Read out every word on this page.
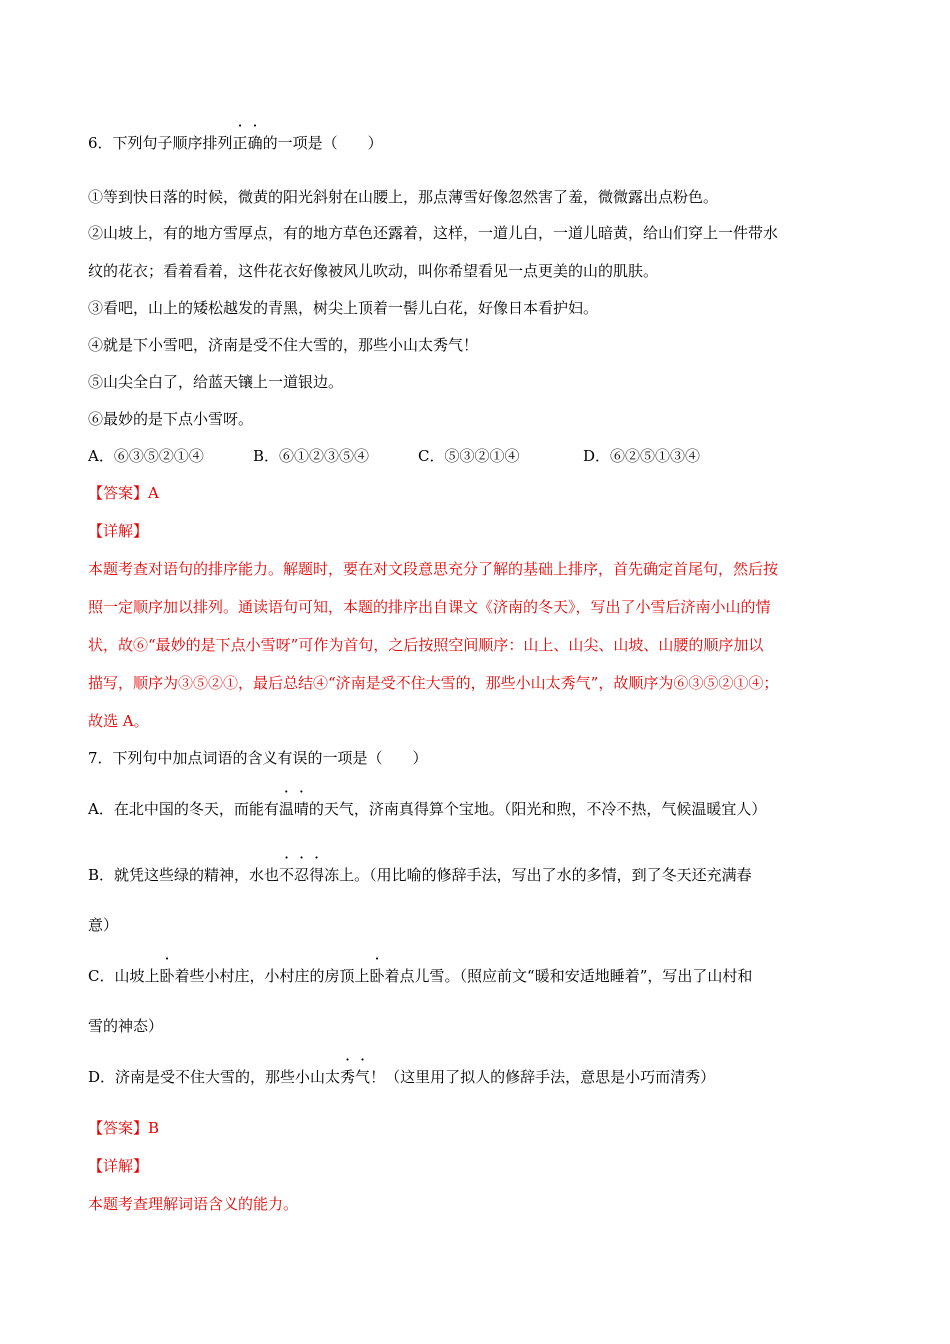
6．下列句子顺序排列正确的一项是（　　）
①等到快日落的时候，微黄的阳光斜射在山腰上，那点薄雪好像忽然害了羞，微微露出点粉色。
②山坡上，有的地方雪厚点，有的地方草色还露着，这样，一道儿白，一道儿暗黄，给山们穿上一件带水
纹的花衣；看着看着，这件花衣好像被风儿吹动，叫你希望看见一点更美的山的肌肤。
③看吧，山上的矮松越发的青黑，树尖上顶着一髻儿白花，好像日本看护妇。
④就是下小雪吧，济南是受不住大雪的，那些小山太秀气！
⑤山尖全白了，给蓝天镶上一道银边。
⑥最妙的是下点小雪呀。
A．⑥③⑤②①④	B．⑥①②③⑤④	C．⑤③②①④	D．⑥②⑤①③④
【答案】A
【详解】
本题考查对语句的排序能力。解题时，要在对文段意思充分了解的基础上排序，首先确定首尾句，然后按
照一定顺序加以排列。通读语句可知，本题的排序出自课文《济南的冬天》，写出了小雪后济南小山的情
状，故⑥“最妙的是下点小雪呀”可作为首句，之后按照空间顺序：山上、山尖、山坡、山腰的顺序加以
描写，顺序为③⑤②①，最后总结④“济南是受不住大雪的，那些小山太秀气”，故顺序为⑥③⑤②①④；
故选 A。
7．下列句中加点词语的含义有误的一项是（　　）
A．在北中国的冬天，而能有温晴的天气，济南真得算个宝地。（阳光和煦，不冷不热，气候温暖宜人）
B．就凭这些绿的精神，水也不忍得冻上。（用比喻的修辞手法，写出了水的多情，到了冬天还充满春
意）
C．山坡上卧着些小村庄，小村庄的房顶上卧着点儿雪。（照应前文“暖和安适地睡着”，写出了山村和
雪的神态）
D．济南是受不住大雪的，那些小山太秀气！（这里用了拟人的修辞手法，意思是小巧而清秀）
【答案】B
【详解】
本题考查理解词语含义的能力。
